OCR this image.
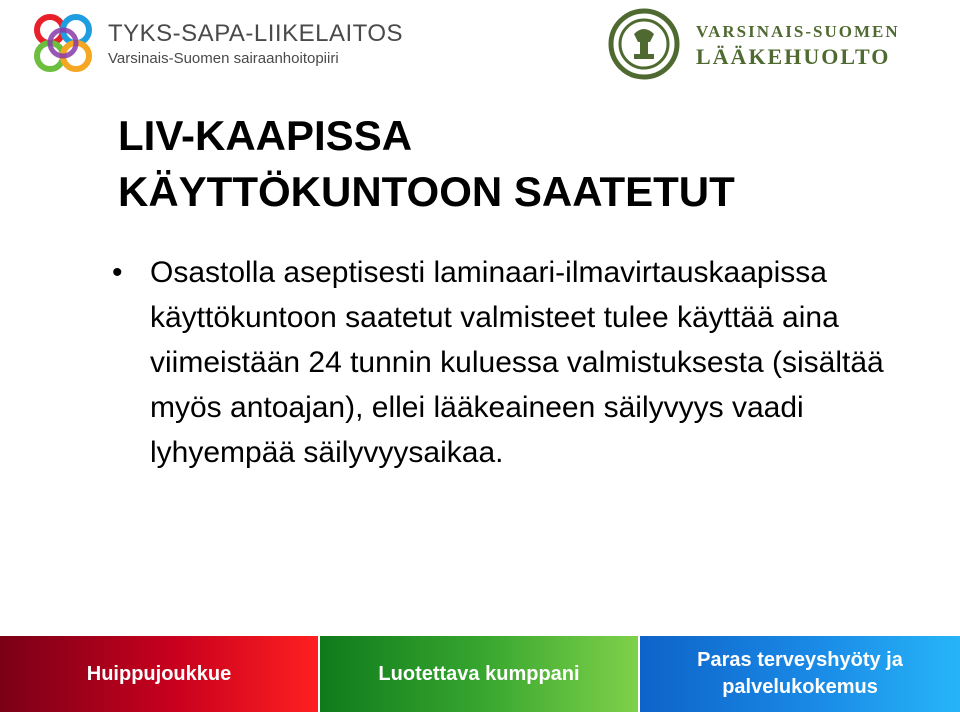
TYKS-SAPA-LIIKELAITOS
Varsinais-Suomen sairaanhoitopiiri
VARSINAIS-SUOMEN
LÄÄKEHUOLTO
LIV-KAAPISSA
KÄYTTÖKUNTOON SAATETUT
• Osastolla aseptisesti laminaari-ilmavirtauskaapissa käyttökuntoon saatetut valmisteet tulee käyttää aina viimeistään 24 tunnin kuluessa valmistuksesta (sisältää myös antoajan), ellei lääkeaineen säilyvyys vaadi lyhyempää säilyvyysaikaa.
Huippujoukkue	Luotettava kumppani
Paras terveyshyöty ja
palvelukokemus
